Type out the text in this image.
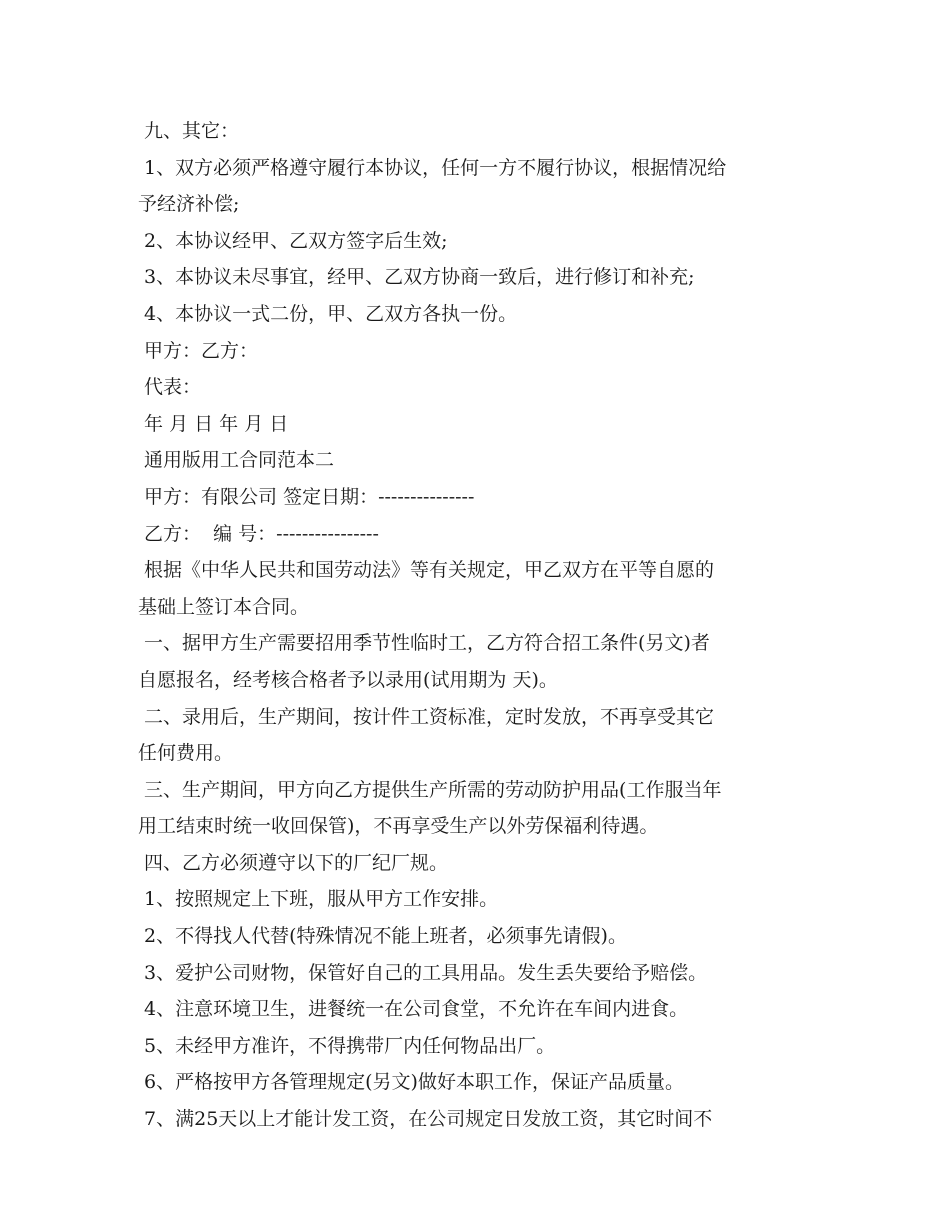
九、其它：
1、双方必须严格遵守履行本协议，任何一方不履行协议，根据情况给
予经济补偿;
2、本协议经甲、乙双方签字后生效;
3、本协议未尽事宜，经甲、乙双方协商一致后，进行修订和补充;
4、本协议一式二份，甲、乙双方各执一份。
甲方：乙方：
代表：
年 月 日 年 月 日
通用版用工合同范本二
甲方：有限公司 签定日期：---------------
乙方：  编 号：----------------
根据《中华人民共和国劳动法》等有关规定，甲乙双方在平等自愿的
基础上签订本合同。
一、据甲方生产需要招用季节性临时工，乙方符合招工条件(另文)者
自愿报名，经考核合格者予以录用(试用期为 天)。
二、录用后，生产期间，按计件工资标准，定时发放，不再享受其它
任何费用。
三、生产期间，甲方向乙方提供生产所需的劳动防护用品(工作服当年
用工结束时统一收回保管)，不再享受生产以外劳保福利待遇。
四、乙方必须遵守以下的厂纪厂规。
1、按照规定上下班，服从甲方工作安排。
2、不得找人代替(特殊情况不能上班者，必须事先请假)。
3、爱护公司财物，保管好自己的工具用品。发生丢失要给予赔偿。
4、注意环境卫生，进餐统一在公司食堂，不允许在车间内进食。
5、未经甲方准许，不得携带厂内任何物品出厂。
6、严格按甲方各管理规定(另文)做好本职工作，保证产品质量。
7、满25天以上才能计发工资，在公司规定日发放工资，其它时间不
